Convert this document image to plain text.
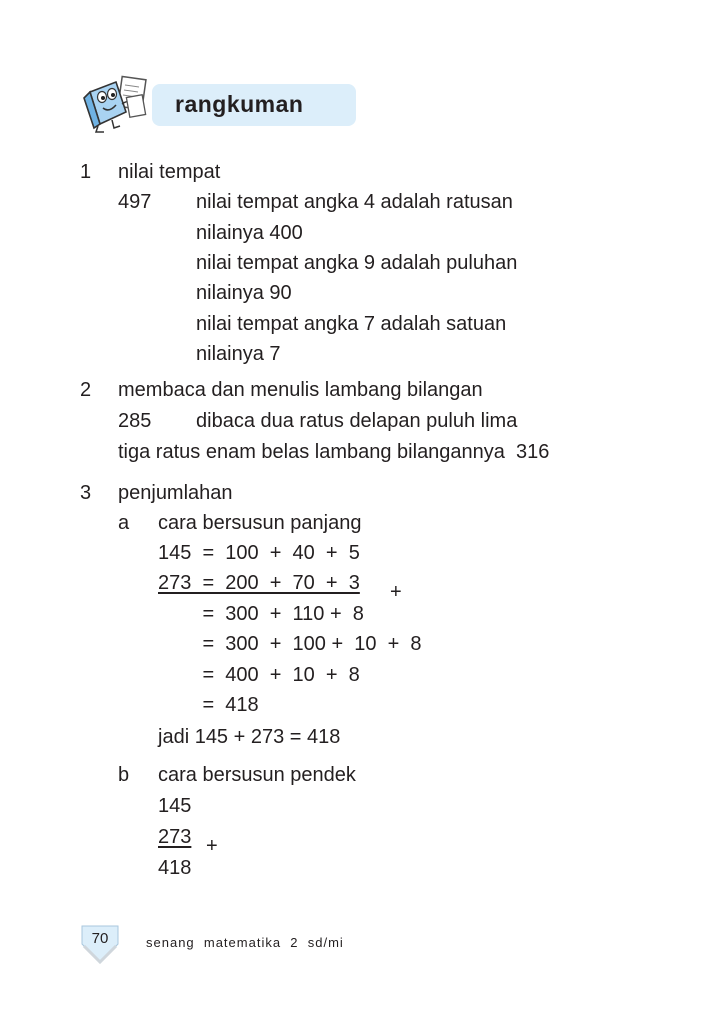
rangkuman
1 nilai tempat
497 nilai tempat angka 4 adalah ratusan
nilainya 400
nilai tempat angka 9 adalah puluhan
nilainya 90
nilai tempat angka 7 adalah satuan
nilainya 7
2 membaca dan menulis lambang bilangan
285 dibaca dua ratus delapan puluh lima
tiga ratus enam belas lambang bilangannya  316
3 penjumlahan
a cara bersusun panjang
145  =  100  +  40  +  5
273  =  200  +  70  +  3 +
=  300  +  110 +  8
=  300  +  100 +  10  +  8
=  400  +  10  +  8
=  418
jadi 145 + 273 = 418
b cara bersusun pendek
145
273 +
418
70	senang  matematika  2  sd/mi
